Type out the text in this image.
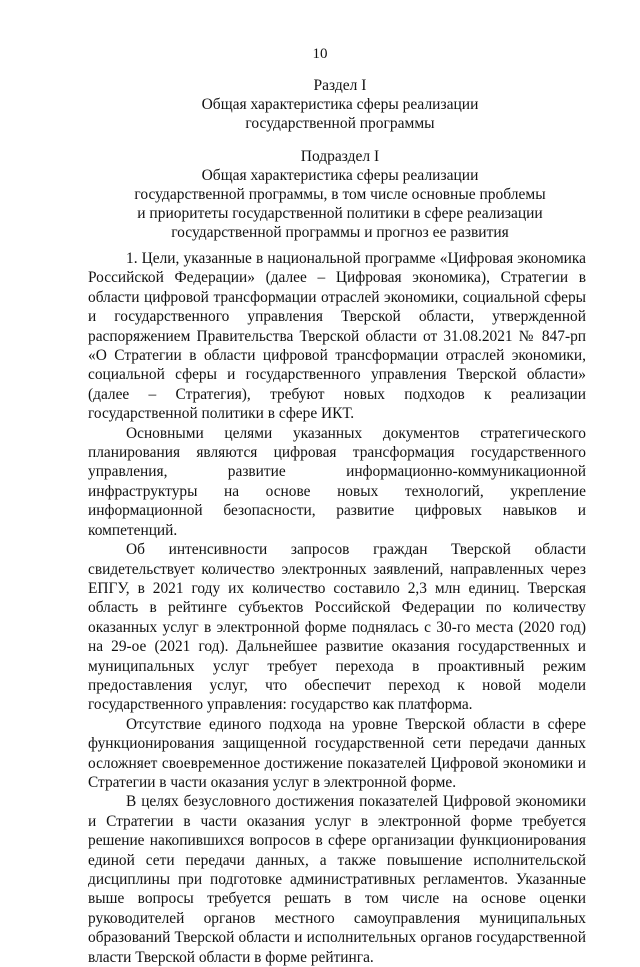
10
Раздел I
Общая характеристика сферы реализации
государственной программы
Подраздел I
Общая характеристика сферы реализации
государственной программы, в том числе основные проблемы
и приоритеты государственной политики в сфере реализации
государственной программы и прогноз ее развития

1. Цели, указанные в национальной программе «Цифровая экономика Российской Федерации» (далее – Цифровая экономика), Стратегии в области цифровой трансформации отраслей экономики, социальной сферы и государственного управления Тверской области, утвержденной распоряжением Правительства Тверской области от 31.08.2021 № 847-рп «О Стратегии в области цифровой трансформации отраслей экономики, социальной сферы и государственного управления Тверской области» (далее – Стратегия), требуют новых подходов к реализации государственной политики в сфере ИКТ.

Основными целями указанных документов стратегического планирования являются цифровая трансформация государственного управления, развитие информационно-коммуникационной инфраструктуры на основе новых технологий, укрепление информационной безопасности, развитие цифровых навыков и компетенций.

Об интенсивности запросов граждан Тверской области свидетельствует количество электронных заявлений, направленных через ЕПГУ, в 2021 году их количество составило 2,3 млн единиц. Тверская область в рейтинге субъектов Российской Федерации по количеству оказанных услуг в электронной форме поднялась с 30-го места (2020 год) на 29-ое (2021 год). Дальнейшее развитие оказания государственных и муниципальных услуг требует перехода в проактивный режим предоставления услуг, что обеспечит переход к новой модели государственного управления: государство как платформа.

Отсутствие единого подхода на уровне Тверской области в сфере функционирования защищенной государственной сети передачи данных осложняет своевременное достижение показателей Цифровой экономики и Стратегии в части оказания услуг в электронной форме.

В целях безусловного достижения показателей Цифровой экономики и Стратегии в части оказания услуг в электронной форме требуется решение накопившихся вопросов в сфере организации функционирования единой сети передачи данных, а также повышение исполнительской дисциплины при подготовке административных регламентов. Указанные выше вопросы требуется решать в том числе на основе оценки руководителей органов местного самоуправления муниципальных образований Тверской области и исполнительных органов государственной власти Тверской области в форме рейтинга.
